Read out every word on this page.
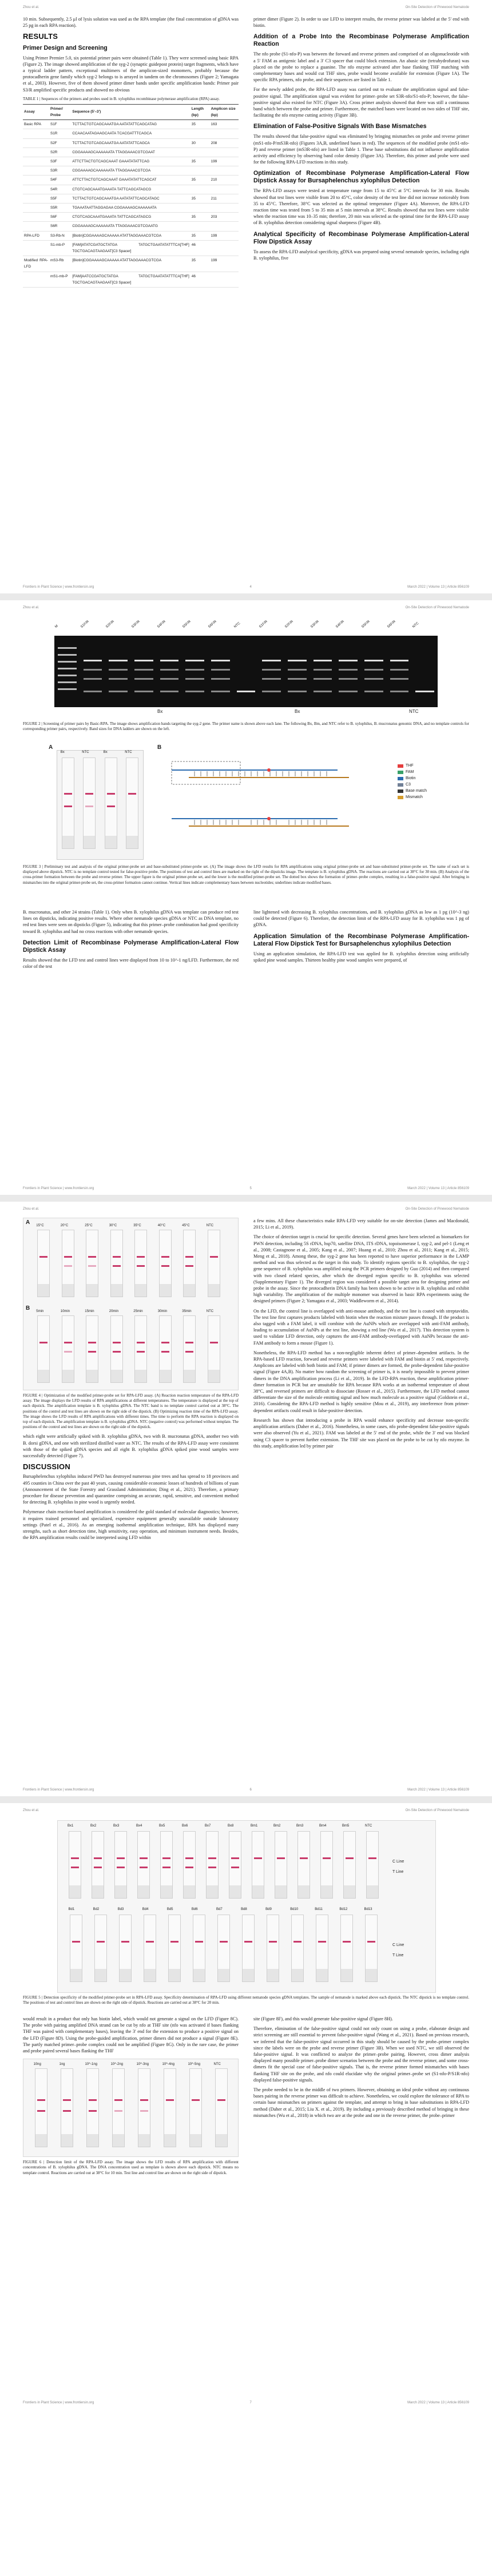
Zhou et al.	On-Site Detection of Pinewood Nematode

10 min. Subsequently, 2.5 μl of lysis solution was used as the RPA template (the final concentration of gDNA was 25 pg in each RPA reaction).

RESULTS
Primer Design and Screening

Using Primer Premier 5.0, six potential primer pairs were obtained (Table 1). They were screened using basic RPA (Figure 2). The image showed amplification of the syg-2 (synaptic guidepost protein) target fragments, which have a typical ladder pattern, exceptional multimers of the amplicon-sized monomers, probably because the protocadherin gene family which syg-2 belongs to is arrayed in tandem on the chromosomes (Figure 2; Yamagata et al., 2003). However, five of them showed primer dimer bands under specific amplification bands: Primer pair S3/R amplified specific products and showed no obvious

TABLE 1 | Sequences of the primers and probes used in B. xylophilus recombinase polymerase amplification (RPA) assay.
Assay	Primer/ Probe	Sequence (5'–3')	Length (bp)	Amplicon size (bp)
Basic RPA	S1F	TCTTACTGTCAGCAAATGA AATATATTCAGCATAG	35	163
	S1R	CCAACAATAGAAGCAATA TCACGATTTCAGCA		
	S2F	TCTTACTGTCAGCAAATGA AATATATTCAGCA	30	208
	S2R	CGGAAAAGCAAAAAATA TTAGGAAACGTCGAAT		
	S3F	ATTCTTACTGTCAGCAAAT GAAATATATTCAG	35	199
	S3R	CGGAAAAGCAAAAAATA TTAGGAAACGTCGA		
	S4F	ATTCTTACTGTCAGCAAAT GAAATATATTCAGCAT	35	210
	S4R	CTGTCAGCAAATGAAATA TATTCAGCATAGCG		
	S5F	TCTTACTGTCAGCAAATGA AATATATTCAGCATAGC	35	211
	S5R	TGAAATAATTAGGAGAA CGGAAAAGCAAAAAATA		
	S6F	CTGTCAGCAAATGAAATA TATTCAGCATAGCG	35	203
	S6R	CGGAAAAGCAAAAAATA TTAGGAAACGTCGAATG		
RPA-LFD	S3-Rb-N	[Biotin]CGGAAAAGCAAAAA ATATTAGGAAACGTCGA	35	199
	S1-mb-P	[FAM]ATATCGATGCTATGA TATGCTGAATATATTTCA[THF] TGCTGACAGTAAGAAT[C3 Spacer]	46	
Modified RPA-LFD	mS3-Rb	[Biotin]CGGAAAAGCAAAAA ATATTAGGAAACGTCGA	35	199
	mS1-mb-P	[FAM]AATCCGATGCTATGA TATGCTGAATATATTTCA[THF] TGCTGACAGTAAGAAT[C3 Spacer]	46	

primer dimer (Figure 2). In order to use LFD to interpret results, the reverse primer was labeled at the 5' end with biotin.

Addition of a Probe Into the Recombinase Polymerase Amplification Reaction

The nfo probe (S1-nfo-P) was between the forward and reverse primers and comprised of an oligonucleotide with a 5' FAM as antigenic label and a 3' C3 spacer that could block extension. An abasic site (tetrahydrofuran) was placed on the probe to replace a guanine. The nfo enzyme activated after base flanking THF matching with complementary bases and would cut THF sites, probe would become available for extension (Figure 1A). The specific RPA primers, nfo probe, and their sequences are listed in Table 1.

For the newly added probe, the RPA-LFD assay was carried out to evaluate the amplification signal and false-positive signal. The amplification signal was evident for primer–probe set S3R-nfo/S1-nfo-P; however, the false-positive signal also existed for NTC (Figure 3A). Cross primer analysis showed that there was still a continuous band which between the probe and primer. Furthermore, the matched bases were located on two sides of THF site, facilitating the nfo enzyme cutting activity (Figure 3B).

Elimination of False-Positive Signals With Base Mismatches

The results showed that false-positive signal was eliminated by bringing mismatches on probe and reverse primer (mS1-nfo-P/mS3R-nfo) (Figures 3A,B, underlined bases in red). The sequences of the modified probe (mS1-nfo-P) and reverse primer (mS3R-nfo) are listed in Table 1. These base substitutions did not influence amplification activity and efficiency by observing band color density (Figure 3A). Therefore, this primer and probe were used for the following RPA-LFD reactions in this study.

Optimization of Recombinase Polymerase Amplification-Lateral Flow Dipstick Assay for Bursaphelenchus xylophilus Detection

The RPA-LFD assays were tested at temperature range from 15 to 45°C at 5°C intervals for 30 min. Results showed that test lines were visible from 20 to 45°C, color density of the test line did not increase noticeably from 35 to 45°C. Therefore, 38°C was selected as the optimal temperature (Figure 4A). Moreover, the RPA-LFD reaction time was tested from 5 to 35 min at 5 min intervals at 38°C. Results showed that test lines were visible when the reaction time was 10–35 min; therefore, 20 min was selected as the optimal time for the RPA-LFD assay of B. xylophilus detection considering signal sharpness (Figure 4B).

Analytical Specificity of Recombinase Polymerase Amplification-Lateral Flow Dipstick Assay

To assess the RPA-LFD analytical specificity, gDNA was prepared using several nematode species, including eight B. xylophilus, five

Frontiers in Plant Science | www.frontiersin.org	4	March 2022 | Volume 13 | Article 856109
Zhou et al.	On-Site Detection of Pinewood Nematode
M	S1F/R	S2F/R	S3F/R	S4F/R	S5F/R	S6F/R	NTC	S1F/R	S2F/R	S3F/R	S4F/R	S5F/R	S6F/R	NTC
Bx	Bx	NTC
FIGURE 2 | Screening of primer pairs by Basic-RPA. The image shows amplification bands targeting the syg-2 gene. The primer name is shown above each lane. The following Bx, Bm, and NTC refer to B. xylophilus, B. mucronatus genomic DNA, and no template controls for corresponding primer pairs, respectively. Band sizes for DNA ladders are shown on the left.
A
Bx	NTC	Bx	NTC
B
THF
FAM
Biotin
C3
Base match
Mismatch
FIGURE 3 | Preliminary test and analysis of the original primer-probe set and base-substituted primer-probe set. (A) The image shows the LFD results for RPA amplifications using original primer-probe set and base-substituted primer-probe set. The name of each set is displayed above dipstick. NTC is no template control tested for false-positive probe. The positions of test and control lines are marked on the right of the dipsticks image. The template is B. xylophilus gDNA. The reactions are carried out at 38°C for 30 min. (B) Analysis of the cross-primer formation between the probe and reverse primer. The upper figure is the original primer-probe set, and the lower is the modified primer-probe set. The dotted box shows the formation of primer–probe complex, resulting in a false-positive signal. After bringing in mismatches into the original primer-probe set, the cross-primer formation cannot continue. Vertical lines indicate complementary bases between nucleotides; underlines indicate modified bases.

B. mucronatus, and other 24 strains (Table 1). Only when B. xylophilus gDNA was template can produce red test lines on dipsticks, indicating positive results. Where other nematode species gDNA or NTC as DNA template, no red test lines were seen on dipsticks (Figure 5), indicating that this primer–probe combination had good specificity toward B. xylophilus and had no cross reactions with other nematode species.

Detection Limit of Recombinase Polymerase Amplification-Lateral Flow Dipstick Assay

Results showed that the LFD test and control lines were displayed from 10 to 10^-1 ng/LFD. Furthermore, the red color of the test

line lightened with decreasing B. xylophilus concentrations, and B. xylophilus gDNA as low as 1 pg (10^-3 ng) could be detected (Figure 6). Therefore, the detection limit of the RPA-LFD assay for B. xylophilus was 1 pg of gDNA.

Application Simulation of the Recombinase Polymerase Amplification-Lateral Flow Dipstick Test for Bursaphelenchus xylophilus Detection

Using an application simulation, the RPA-LFD test was applied for B. xylophilus detection using artificially spiked pine wood samples. Thirteen healthy pine wood samples were prepared, of

Frontiers in Plant Science | www.frontiersin.org	5	March 2022 | Volume 13 | Article 856109
Zhou et al.	On-Site Detection of Pinewood Nematode
A 15°C	20°C	25°C	30°C	35°C	40°C	45°C	NTC
B 5min	10min	15min	20min	25min	30min	35min	NTC
FIGURE 4 | Optimization of the modified primer-probe set for RPA-LFD assay. (A) Reaction reaction temperature of the RPA-LFD assay. The image displays the LFD results of RPA amplifications at different temperatures. The temperature is displayed at the top of each dipstick. The amplification template is B. xylophilus gDNA. The NTC band is no template control carried out at 38°C. The positions of the control and test lines are shown on the right side of the dipstick. (B) Optimizing reaction time of the RPA-LFD assay. The image shows the LFD results of RPA amplifications with different times. The time to perform the RPA reaction is displayed on top of each dipstick. The amplification template is B. xylophilus gDNA. NTC (negative control) was performed without template. The positions of the control and test lines are shown on the right side of the dipstick.

which eight were artificially spiked with B. xylophilus gDNA, two with B. mucronatus gDNA, another two with B. dorsi gDNA, and one with sterilized distilled water as NTC. The results of the RPA-LFD assay were consistent with those of the spiked gDNA species and all eight B. xylophilus gDNA spiked pine wood samples were successfully detected (Figure 7).

DISCUSSION

Bursaphelenchus xylophilus induced PWD has destroyed numerous pine trees and has spread to 18 provinces and 495 counties in China over the past 40 years, causing considerable economic losses of hundreds of billions of yuan (Announcement of the State Forestry and Grassland Administration; Ding et al., 2021). Therefore, a primary procedure for disease prevention and quarantine comprising an accurate, rapid, sensitive, and convenient method for detecting B. xylophilus in pine wood is urgently needed.

Polymerase chain reaction-based amplification is considered the gold standard of molecular diagnostics; however, it requires trained personnel and specialized, expensive equipment generally unavailable outside laboratory settings (Patel et al., 2016). As an emerging isothermal amplification technique, RPA has displayed many strengths, such as short detection time, high sensitivity, easy operation, and minimum instrument needs. Besides, the RPA amplification results could be interpreted using LFD within

a few mins. All these characteristics make RPA-LFD very suitable for on-site detection (James and Macdonald, 2015; Li et al., 2019).

The choice of detection target is crucial for specific detection. Several genes have been selected as biomarkers for PWN detection, including 5S rDNA, hsp70, satellite DNA, ITS rDNA, topoisomerase I, syg-2, and pel-1 (Leng et al., 2008; Castagnone et al., 2005; Kang et al., 2007; Huang et al., 2010; Zhou et al., 2011; Kang et al., 2015; Meng et al., 2018). Among these, the syg-2 gene has been reported to have superior performance in the LAMP method and was thus selected as the target in this study. To identify regions specific to B. xylophilus, the syg-2 gene sequence of B. xylophilus was amplified using the PCR primers designed by Guo (2014) and then compared with two closed related species, after which the diverged region specific to B. xylophilus was selected (Supplementary Figure 1). The diverged region was considered a possible target area for designing primer and probe in the assay. Since the protocadherin DNA family has been shown to be active in B. xylophilus and exhibit high variability. The amplification of the multiple monomer was observed in basic RPA experiments using the designed primers (Figure 2; Yamagata et al., 2003; Waddleworm et al., 2014).

On the LFD, the control line is overlapped with anti-mouse antibody, and the test line is coated with streptavidin. The test line first captures products labeled with biotin when the reaction mixture passes through. If the product is also tagged with a FAM label, it will combine with the AuNPs which are overlapped with anti-FAM antibody, leading to accumulation of AuNPs at the test line, showing a red line (Wu et al., 2017). This detection system is used to validate LFD detection, only captures the anti-FAM antibody-overlapped with AuNPs because the anti-FAM antibody to form a mouse (Figure 1).

Nonetheless, the RPA-LFD method has a non-negligible inherent defect of primer–dependent artifacts. In the RPA-based LFD reaction, forward and reverse primers were labeled with FAM and biotin at 5' end, respectively. Amplicons are labeled with both biotin and FAM; if primer dimers are formed, the probe-dependent false-positive signal (Figure 4A,B). No matter how random the screening of primer is, it is nearly impossible to prevent primer dimers in the DNA amplification process (Li et al., 2019). In the LFD-RPA reaction, these amplification primer-dimer formation in PCR but are unsuitable for RPA because RPA works at an isothermal temperature of about 38°C, and reversed primers are difficult to dissociate (Rosser et al., 2015). Furthermore, the LFD method cannot differentiate the size of the molecule emitting signal and how much molecule as a positive signal (Goldstein et al., 2016). Considering the RPA-LFD method is highly sensitive (Mou et al., 2019), any interference from primer-dependent artifacts could result in false-positive detection.

Research has shown that introducing a probe in RPA would enhance specificity and decrease non-specific amplification artifacts (Daher et al., 2016). Nonetheless, in some cases, nfo probe-dependent false-positive signals were also observed (Yu et al., 2021). FAM was labeled at the 5' end of the probe, while the 3' end was blocked using C3 spacer to prevent further extension. The THF site was placed on the probe to be cut by nfo enzyme. In this study, amplification led by primer pair

Frontiers in Plant Science | www.frontiersin.org	6	March 2022 | Volume 13 | Article 856109
Zhou et al.	On-Site Detection of Pinewood Nematode
Bx1	Bx2	Bx3	Bx4	Bx5	Bx6	Bx7	Bx8	Bm1	Bm2	Bm3	Bm4	Bm5	NTC
Bd1	Bd2	Bd3	Bd4	Bd5	Bd6	Bd7	Bd8	Bd9	Bd10	Bd11	Bd12	Bd13
C Line
T Line
C Line
T Line
FIGURE 5 | Detection specificity of the modified primer-probe set in RPA-LFD assay. Specificity determination of RPA-LFD using different nematode species gDNA templates. The sample of nematode is marked above each dipstick. The NTC dipstick is no template control. The positions of test and control lines are shown on the right side of dipstick. Reactions are carried out at 38°C for 20 min.

would result in a product that only has biotin label, which would not generate a signal on the LFD (Figure 8C). The probe with pairing amplified DNA strand can be cut by nfo at THF site (nfo was activated if bases flanking THF was paired with complementary bases), leaving the 3' end for the extension to produce a positive signal on the LFD (Figure 8D). Using the probe-guided amplification, primer dimers did not produce a signal (Figure 8E). The partly matched primer–probe complex could not be amplified (Figure 8G). Only in the rare case, the primer and probe paired several bases flanking the THF

10ng	1ng	10^-1ng	10^-2ng	10^-3ng	10^-4ng	10^-5ng	NTC
FIGURE 6 | Detection limit of the RPA-LFD assay. The image shows the LFD results of RPA amplification with different concentrations of B. xylophilus gDNA. The DNA concentration used as template is shown above each dipstick. NTC means no template control. Reactions are carried out at 38°C for 10 min. Test line and control line are shown on the right side of dipstick.

site (Figure 8F), and this would generate false-positive signal (Figure 8H).

Therefore, elimination of the false-positive signal could not only count on using a probe, elaborate design and strict screening are still essential to prevent false-positive signal (Wang et al., 2021). Based on previous research, we inferred that the false-positive signal occurred in this study should be caused by the probe–primer complex since the labels were on the probe and reverse primer (Figure 3B). When we used NTC, we still observed the false-positive signal. It was conflicted to analyze the primer–probe pairing. However, cross dimer analysis displayed many possible primer–probe dimer scenarios between the probe and the reverse primer, and some cross-dimers fit the special case of false-positive signals. That is, the reverse primer formed mismatches with bases flanking THF site on the probe, and nfo could elucidate why the original primer–probe set (S1-nfo-P/S1R-nfo) displayed false-positive signals.

The probe needed to be in the middle of two primers. However, obtaining an ideal probe without any continuous bases pairing in the reverse primer was difficult to achieve. Nonetheless, we could explore the tolerance of RPA to certain base mismatches on primers against the template, and attempt to bring in base substitutions in RPA-LFD method (Daher et al., 2015; Liu X. et al., 2019). By including a previously described method of bringing in these mismatches (Wu et al., 2018) in which two are at the probe and one in the reverse primer, the probe–primer

Frontiers in Plant Science | www.frontiersin.org	7	March 2022 | Volume 13 | Article 856109
